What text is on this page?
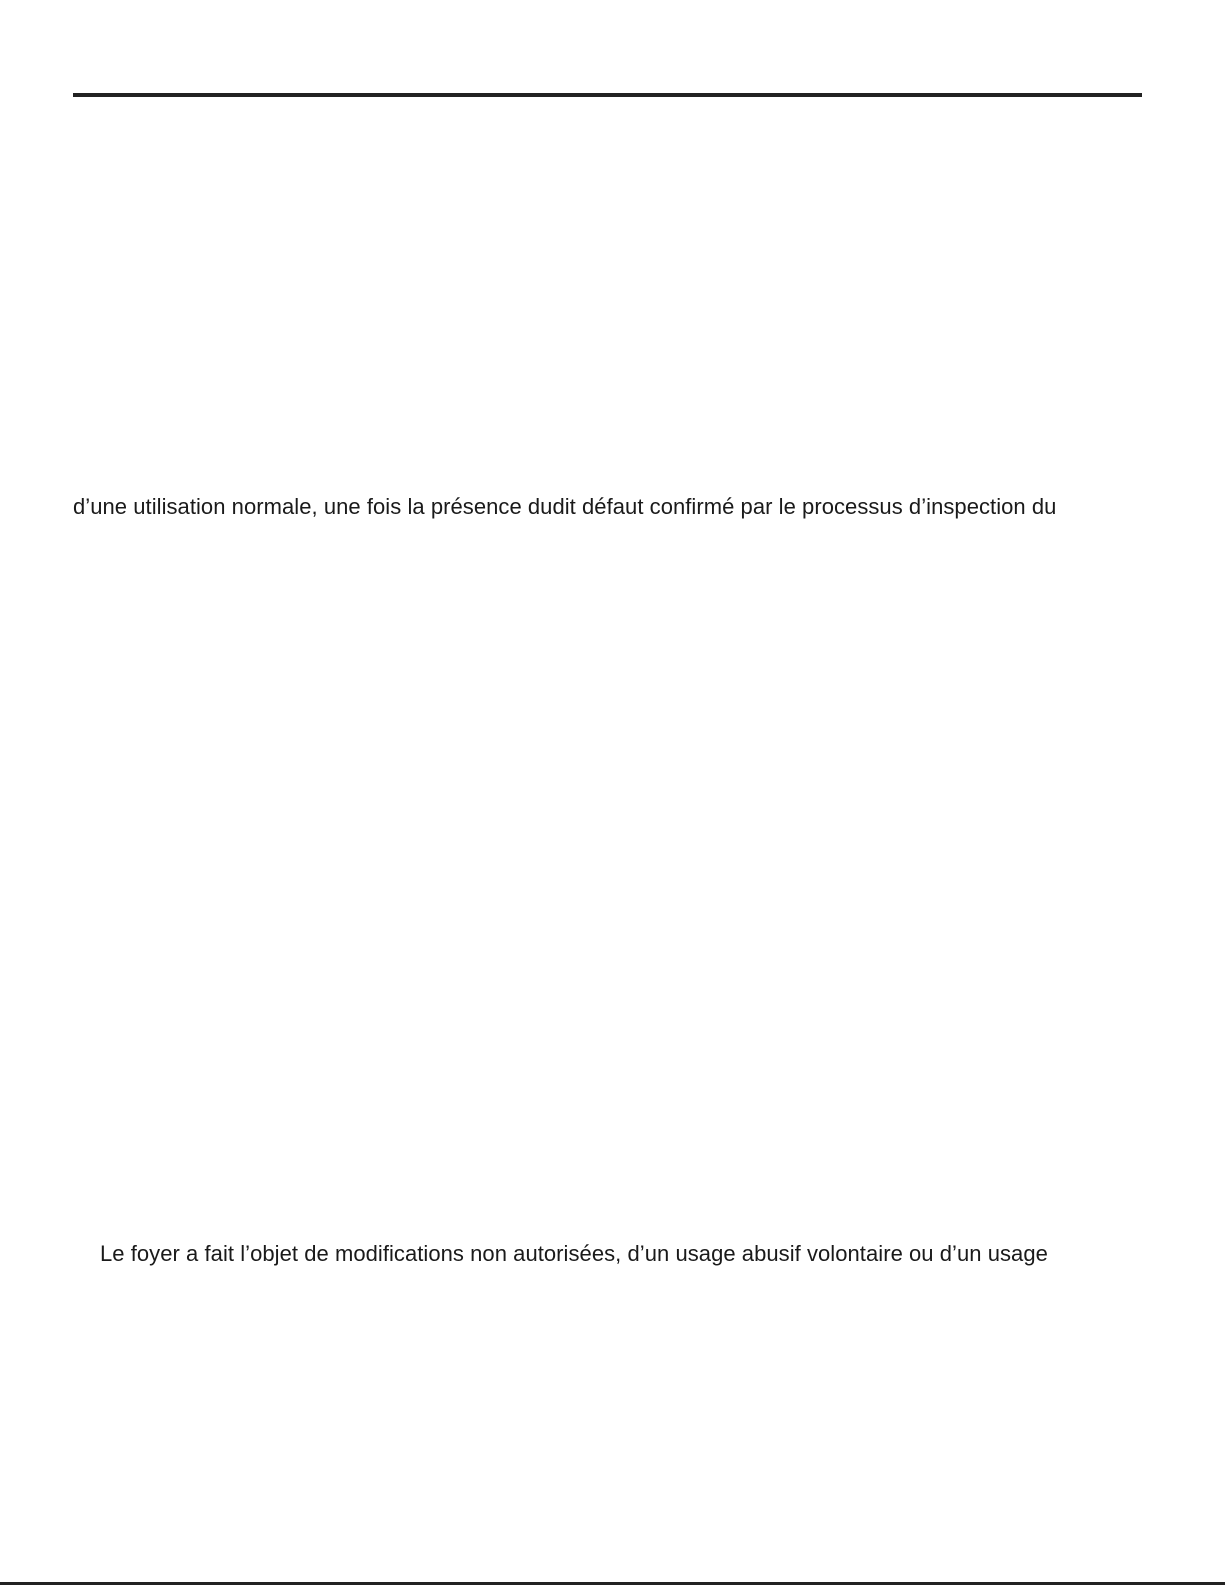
d’une utilisation normale, une fois la présence dudit défaut confirmé par le processus d’inspection du
Le foyer a fait l’objet de modifications non autorisées, d’un usage abusif volontaire ou d’un usage
